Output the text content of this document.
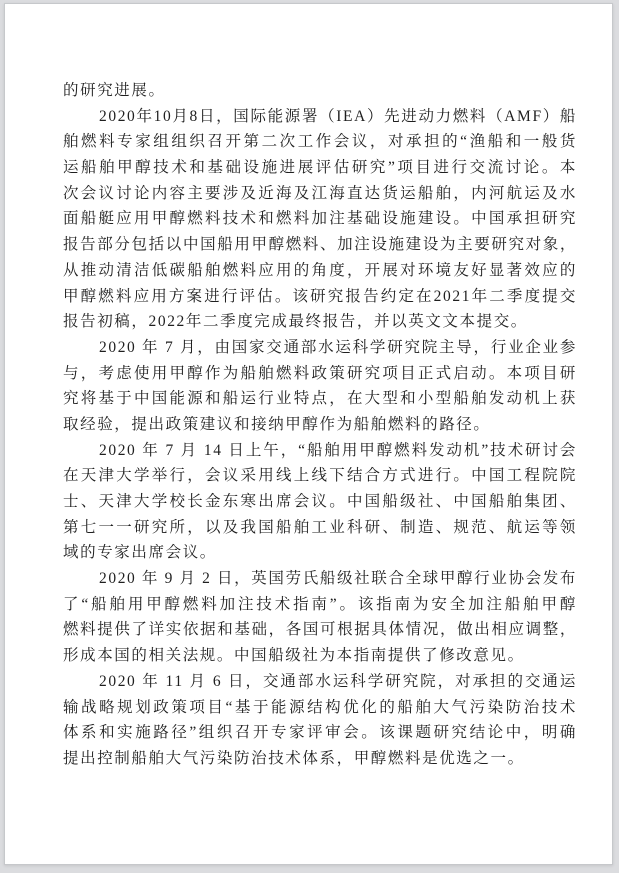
的研究进展。
2020年10月8日，国际能源署（IEA）先进动力燃料（AMF）船
舶燃料专家组组织召开第二次工作会议，对承担的“渔船和一般货
运船舶甲醇技术和基础设施进展评估研究”项目进行交流讨论。本
次会议讨论内容主要涉及近海及江海直达货运船舶，内河航运及水
面船艇应用甲醇燃料技术和燃料加注基础设施建设。中国承担研究
报告部分包括以中国船用甲醇燃料、加注设施建设为主要研究对象，
从推动清洁低碳船舶燃料应用的角度，开展对环境友好显著效应的
甲醇燃料应用方案进行评估。该研究报告约定在2021年二季度提交
报告初稿，2022年二季度完成最终报告，并以英文文本提交。
2020 年 7 月，由国家交通部水运科学研究院主导，行业企业参
与，考虑使用甲醇作为船舶燃料政策研究项目正式启动。本项目研
究将基于中国能源和船运行业特点，在大型和小型船舶发动机上获
取经验，提出政策建议和接纳甲醇作为船舶燃料的路径。
2020 年 7 月 14 日上午，“船舶用甲醇燃料发动机”技术研讨会
在天津大学举行，会议采用线上线下结合方式进行。中国工程院院
士、天津大学校长金东寒出席会议。中国船级社、中国船舶集团、
第七一一研究所，以及我国船舶工业科研、制造、规范、航运等领
域的专家出席会议。
2020 年 9 月 2 日，英国劳氏船级社联合全球甲醇行业协会发布
了“船舶用甲醇燃料加注技术指南”。该指南为安全加注船舶甲醇
燃料提供了详实依据和基础，各国可根据具体情况，做出相应调整，
形成本国的相关法规。中国船级社为本指南提供了修改意见。
2020 年 11 月 6 日，交通部水运科学研究院，对承担的交通运
输战略规划政策项目“基于能源结构优化的船舶大气污染防治技术
体系和实施路径”组织召开专家评审会。该课题研究结论中，明确
提出控制船舶大气污染防治技术体系，甲醇燃料是优选之一。
